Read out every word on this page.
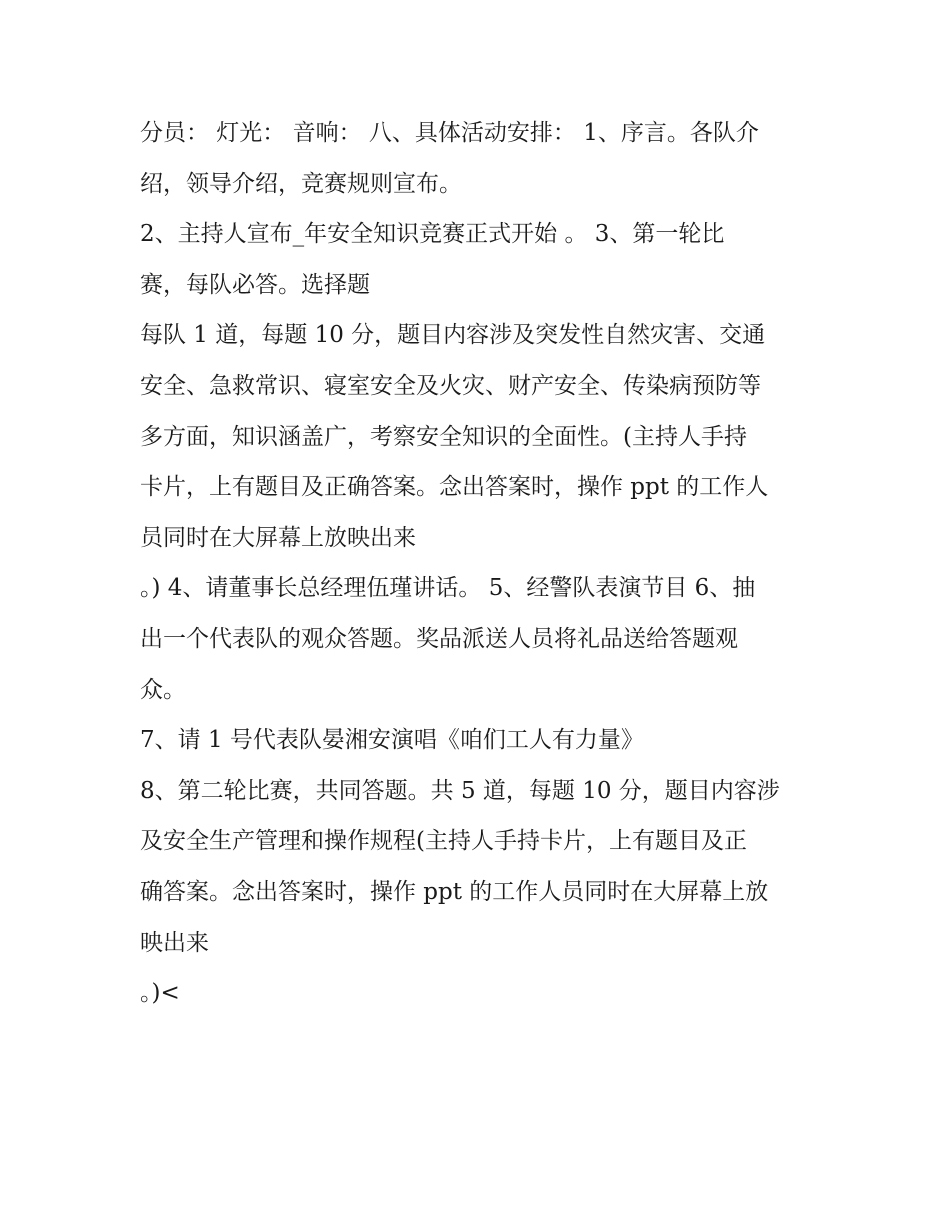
分员： 灯光： 音响： 八、具体活动安排： 1、序言。各队介
绍，领导介绍，竞赛规则宣布。
2、主持人宣布_年安全知识竞赛正式开始 。 3、第一轮比
赛，每队必答。选择题
每队 1 道，每题 10 分，题目内容涉及突发性自然灾害、交通
安全、急救常识、寝室安全及火灾、财产安全、传染病预防等
多方面，知识涵盖广，考察安全知识的全面性。(主持人手持
卡片，上有题目及正确答案。念出答案时，操作 ppt 的工作人
员同时在大屏幕上放映出来
。) 4、请董事长总经理伍瑾讲话。 5、经警队表演节目 6、抽
出一个代表队的观众答题。奖品派送人员将礼品送给答题观
众。
7、请 1 号代表队晏湘安演唱《咱们工人有力量》
8、第二轮比赛，共同答题。共 5 道，每题 10 分，题目内容涉
及安全生产管理和操作规程(主持人手持卡片，上有题目及正
确答案。念出答案时，操作 ppt 的工作人员同时在大屏幕上放
映出来
。)<
